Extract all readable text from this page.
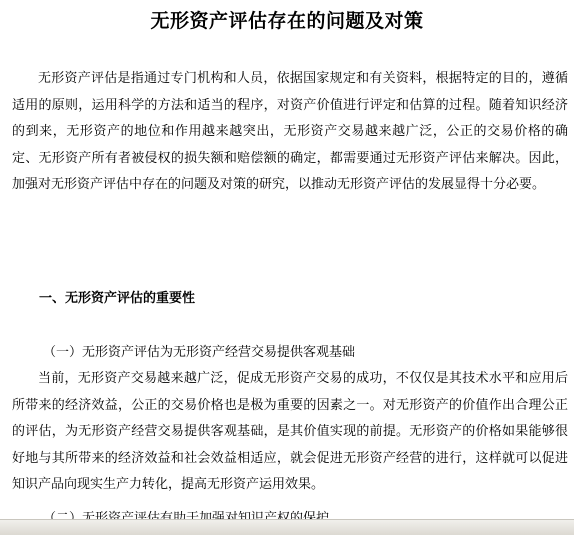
无形资产评估存在的问题及对策

无形资产评估是指通过专门机构和人员，依据国家规定和有关资料，根据特定的目的，遵循适用的原则，运用科学的方法和适当的程序，对资产价值进行评定和估算的过程。随着知识经济的到来，无形资产的地位和作用越来越突出，无形资产交易越来越广泛，公正的交易价格的确定、无形资产所有者被侵权的损失额和赔偿额的确定，都需要通过无形资产评估来解决。因此，加强对无形资产评估中存在的问题及对策的研究，以推动无形资产评估的发展显得十分必要。

一、无形资产评估的重要性
（一）无形资产评估为无形资产经营交易提供客观基础

当前，无形资产交易越来越广泛，促成无形资产交易的成功，不仅仅是其技术水平和应用后所带来的经济效益，公正的交易价格也是极为重要的因素之一。对无形资产的价值作出合理公正的评估，为无形资产经营交易提供客观基础，是其价值实现的前提。无形资产的价格如果能够很好地与其所带来的经济效益和社会效益相适应，就会促进无形资产经营的进行，这样就可以促进知识产品向现实生产力转化，提高无形资产运用效果。
